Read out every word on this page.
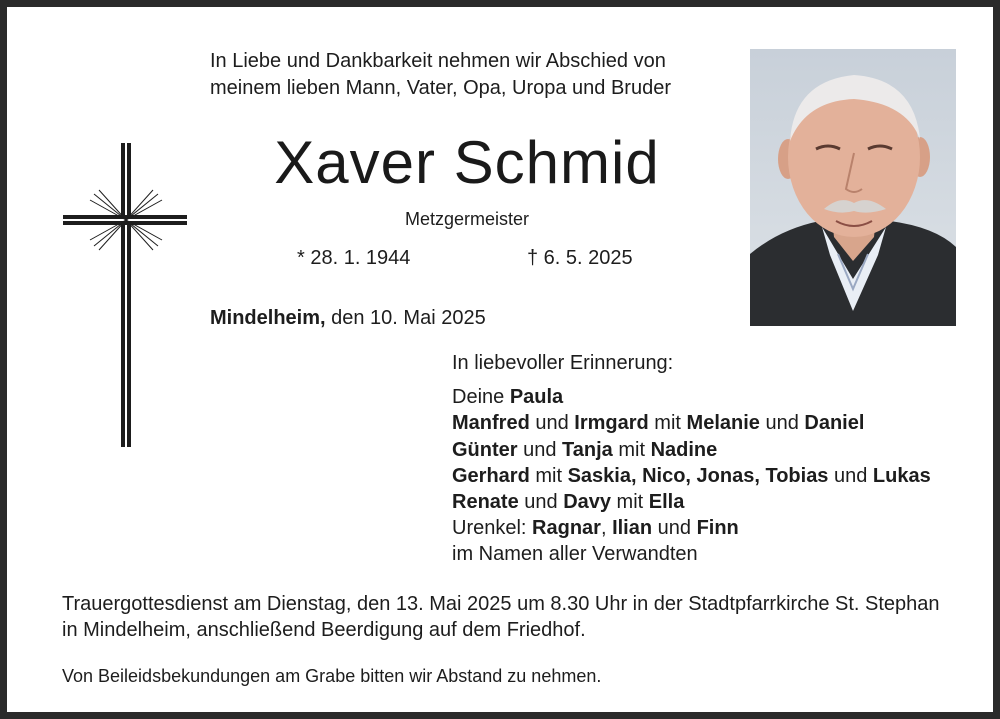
In Liebe und Dankbarkeit nehmen wir Abschied von
meinem lieben Mann, Vater, Opa, Uropa und Bruder
Xaver Schmid
Metzgermeister
* 28. 1. 1944	† 6. 5. 2025
Mindelheim, den 10. Mai 2025
In liebevoller Erinnerung:
Deine Paula
Manfred und Irmgard mit Melanie und Daniel
Günter und Tanja mit Nadine
Gerhard mit Saskia, Nico, Jonas, Tobias und Lukas
Renate und Davy mit Ella
Urenkel: Ragnar, Ilian und Finn
im Namen aller Verwandten
Trauergottesdienst am Dienstag, den 13. Mai 2025 um 8.30 Uhr in der Stadtpfarrkirche St. Stephan
in Mindelheim, anschließend Beerdigung auf dem Friedhof.
Von Beileidsbekundungen am Grabe bitten wir Abstand zu nehmen.
